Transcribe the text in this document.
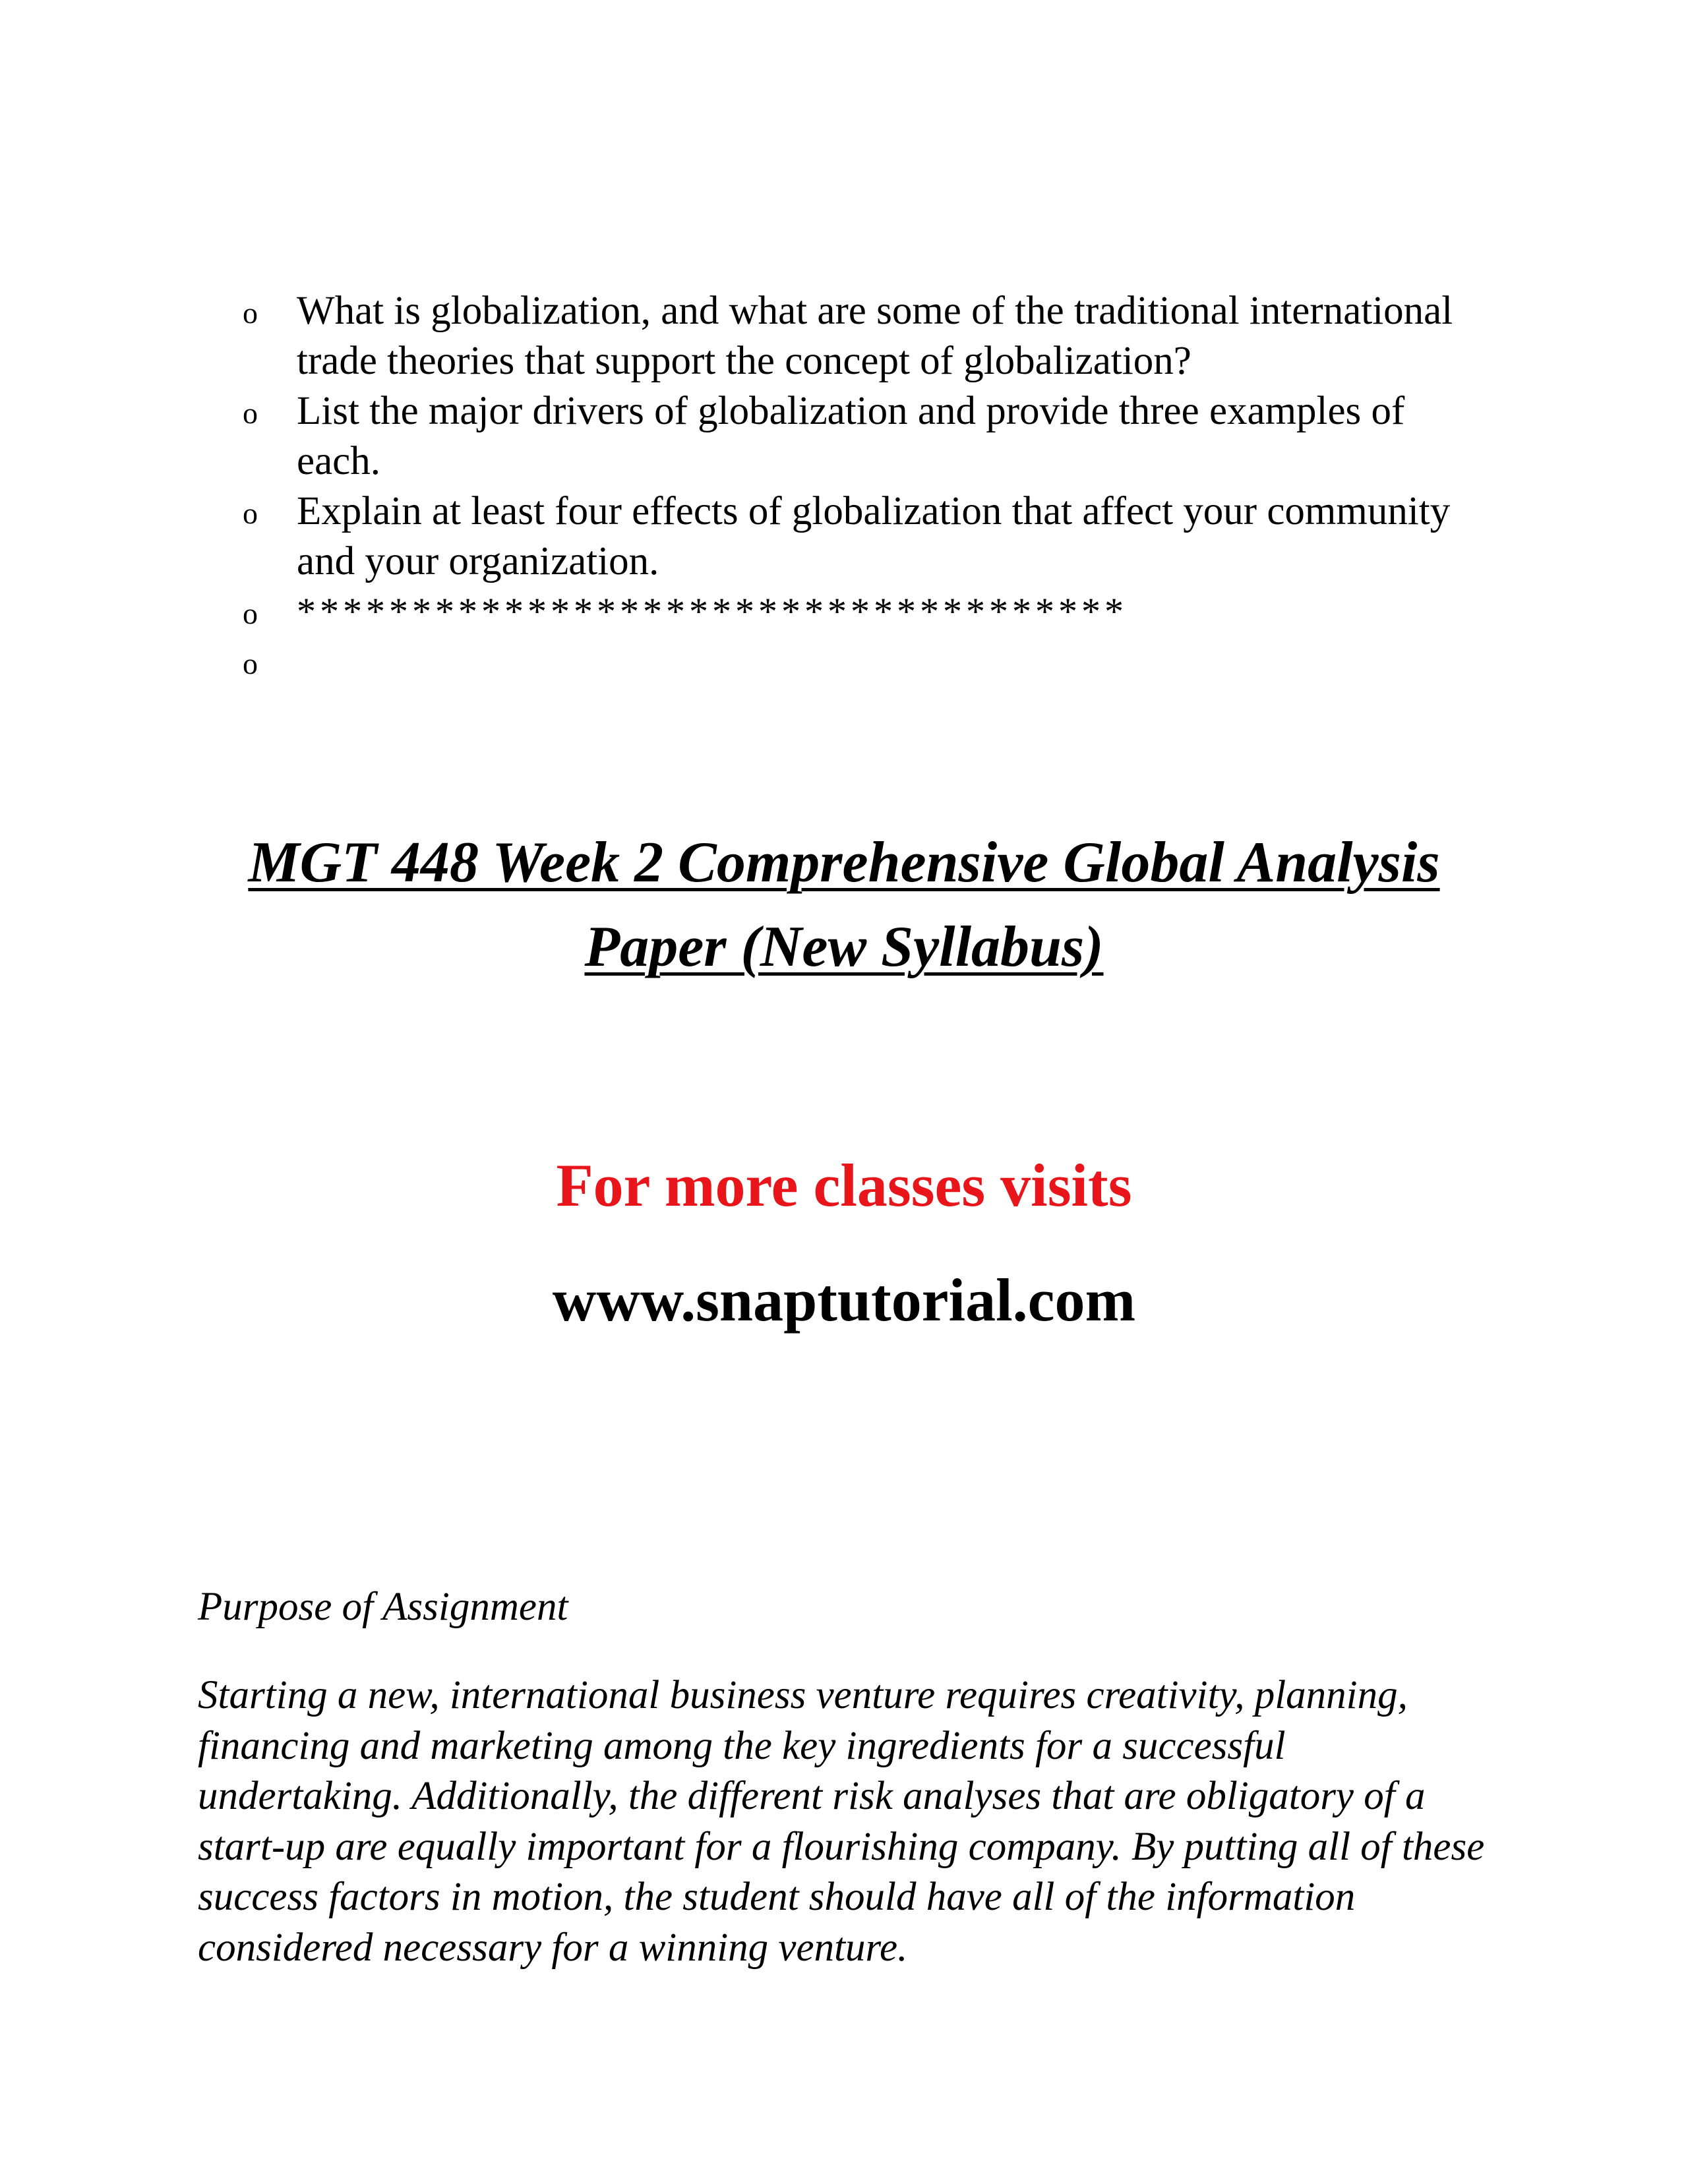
o What is globalization, and what are some of the traditional international trade theories that support the concept of globalization?
o List the major drivers of globalization and provide three examples of each.
o Explain at least four effects of globalization that affect your community and your organization.
o ************************************
o
MGT 448 Week 2 Comprehensive Global Analysis Paper (New Syllabus)
For more classes visits
www.snaptutorial.com
Purpose of Assignment
Starting a new, international business venture requires creativity, planning, financing and marketing among the key ingredients for a successful undertaking. Additionally, the different risk analyses that are obligatory of a start-up are equally important for a flourishing company. By putting all of these success factors in motion, the student should have all of the information considered necessary for a winning venture.
